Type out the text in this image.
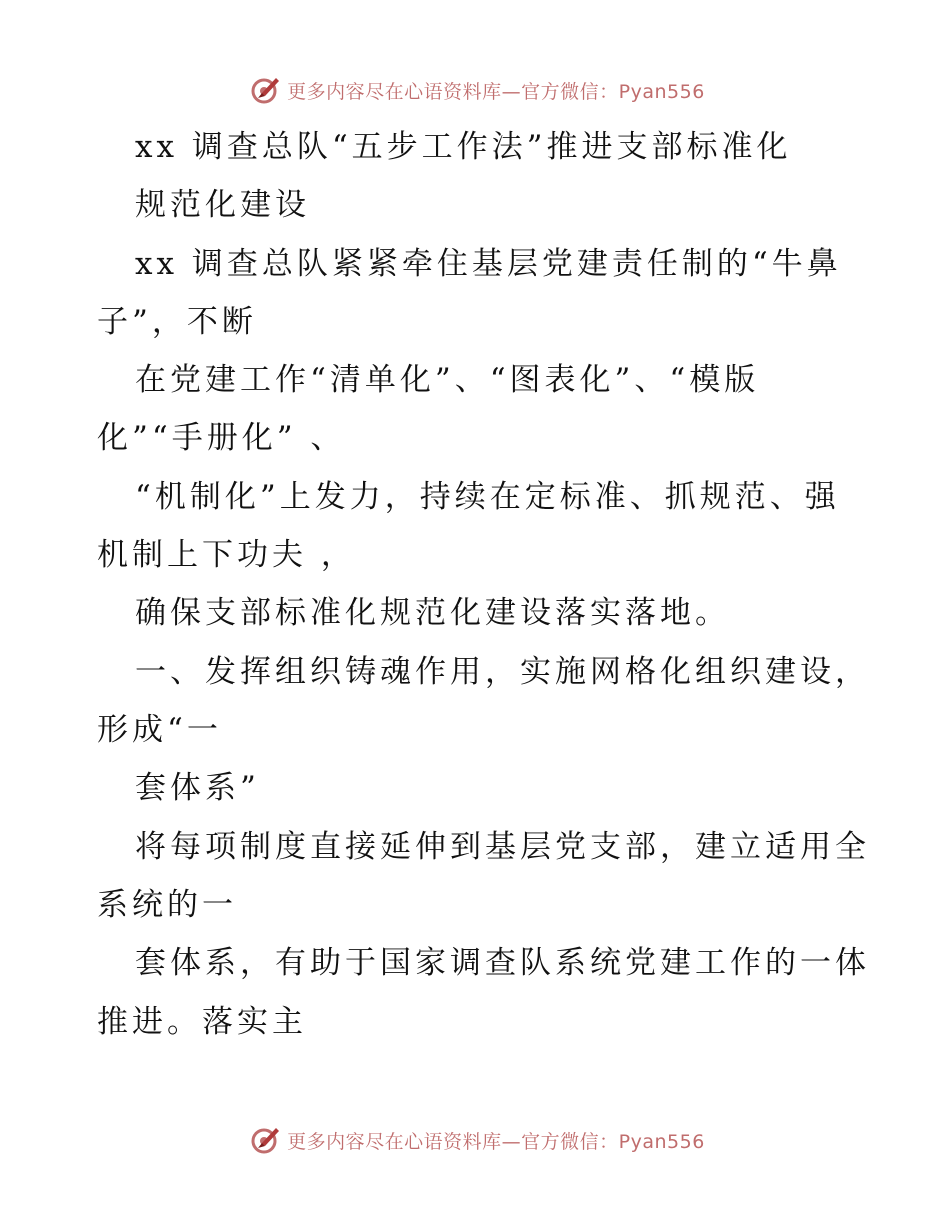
更多内容尽在心语资料库—官方微信：Pyan556
xx 调查总队“五步工作法”推进支部标准化
规范化建设
xx 调查总队紧紧牵住基层党建责任制的“牛鼻
子”，不断
在党建工作“清单化”、“图表化”、“模版
化”“手册化” 、
“机制化”上发力，持续在定标准、抓规范、强
机制上下功夫 ，
确保支部标准化规范化建设落实落地。
一、发挥组织铸魂作用，实施网格化组织建设，
形成“一
套体系”
将每项制度直接延伸到基层党支部，建立适用全
系统的一
套体系，有助于国家调查队系统党建工作的一体
推进。落实主
更多内容尽在心语资料库—官方微信：Pyan556
